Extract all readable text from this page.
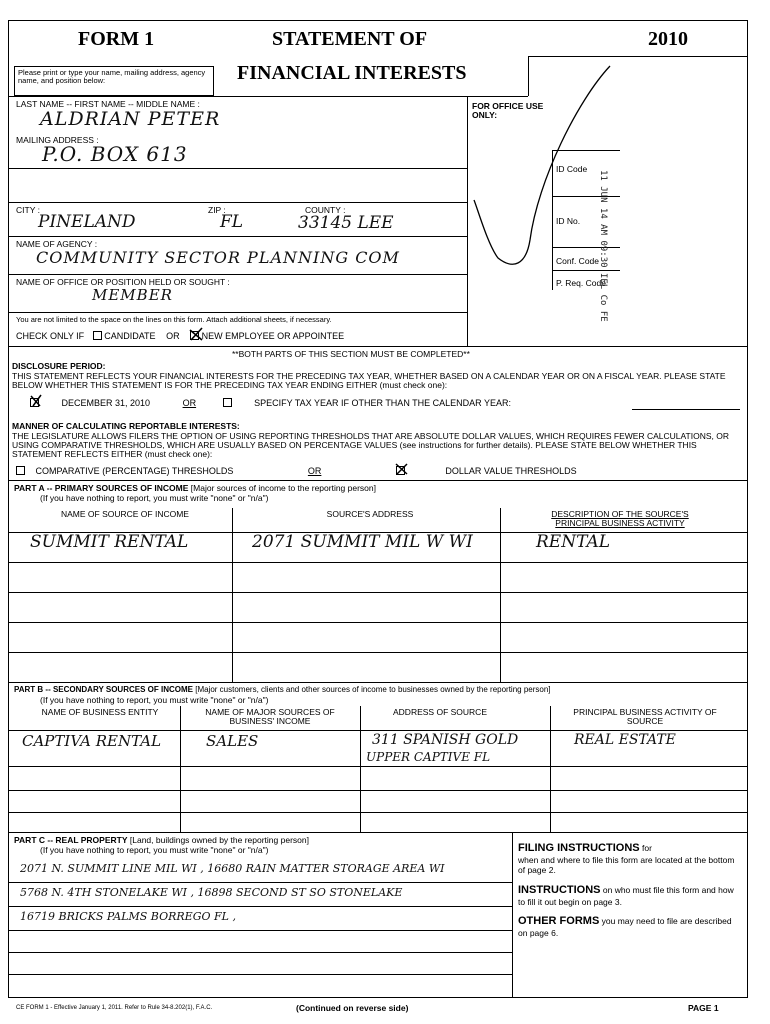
FORM 1	STATEMENT OF	2010
FINANCIAL INTERESTS
Please print or type your name, mailing address, agency name, and position below:
LAST NAME -- FIRST NAME -- MIDDLE NAME :
ALDRIAN PETER
MAILING ADDRESS :
P.O. BOX 613
CITY :
PINELAND
ZIP :
FL
COUNTY :
33145 LEE
NAME OF AGENCY :
COMMUNITY SECTOR PLANNING COM
NAME OF OFFICE OR POSITION HELD OR SOUGHT :
MEMBER
You are not limited to the space on the lines on this form. Attach additional sheets, if necessary.
CHECK ONLY IF CANDIDATE OR NEW EMPLOYEE OR APPOINTEE
FOR OFFICE USE ONLY:
ID Code
ID No.
Conf. Code
P. Req. Code
11 JUN 14 AM 09:30 IEL Co FE
**BOTH PARTS OF THIS SECTION MUST BE COMPLETED**
DISCLOSURE PERIOD:
THIS STATEMENT REFLECTS YOUR FINANCIAL INTERESTS FOR THE PRECEDING TAX YEAR, WHETHER BASED ON A CALENDAR YEAR OR ON A FISCAL YEAR. PLEASE STATE BELOW WHETHER THIS STATEMENT IS FOR THE PRECEDING TAX YEAR ENDING EITHER (must check one):
DECEMBER 31, 2010	OR	SPECIFY TAX YEAR IF OTHER THAN THE CALENDAR YEAR:
MANNER OF CALCULATING REPORTABLE INTERESTS:
THE LEGISLATURE ALLOWS FILERS THE OPTION OF USING REPORTING THRESHOLDS THAT ARE ABSOLUTE DOLLAR VALUES, WHICH REQUIRES FEWER CALCULATIONS, OR USING COMPARATIVE THRESHOLDS, WHICH ARE USUALLY BASED ON PERCENTAGE VALUES (see instructions for further details). PLEASE STATE BELOW WHETHER THIS STATEMENT REFLECTS EITHER (must check one):
COMPARATIVE (PERCENTAGE) THRESHOLDS	OR	DOLLAR VALUE THRESHOLDS
PART A -- PRIMARY SOURCES OF INCOME [Major sources of income to the reporting person]
(If you have nothing to report, you must write "none" or "n/a")
NAME OF SOURCE OF INCOME	SOURCE'S ADDRESS	DESCRIPTION OF THE SOURCE'S PRINCIPAL BUSINESS ACTIVITY
SUMMIT RENTAL	2071 SUMMIT MIL W WI	RENTAL
PART B -- SECONDARY SOURCES OF INCOME [Major customers, clients and other sources of income to businesses owned by the reporting person]
(If you have nothing to report, you must write "none" or "n/a")
NAME OF BUSINESS ENTITY	NAME OF MAJOR SOURCES OF BUSINESS' INCOME
ADDRESS OF SOURCE	PRINCIPAL BUSINESS ACTIVITY OF SOURCE
CAPTIVA RENTAL	SALES	311 SPANISH GOLD	REAL ESTATE
UPPER CAPTIVE FL
PART C -- REAL PROPERTY [Land, buildings owned by the reporting person]
(If you have nothing to report, you must write "none" or "n/a")
2071 N. SUMMIT LINE MIL WI , 16680 RAIN MATTER STORAGE AREA WI
5768 N. 4TH STONELAKE WI , 16898 SECOND ST SO STONELAKE
16719 BRICKS PALMS BORREGO FL ,
FILING INSTRUCTIONS for
when and where to file this form are located at the bottom of page 2.
INSTRUCTIONS on who must file this form and how to fill it out begin on page 3.
OTHER FORMS you may need to file are described on page 6.
CE FORM 1 - Effective January 1, 2011. Refer to Rule 34-8.202(1), F.A.C.	(Continued on reverse side)	PAGE 1
